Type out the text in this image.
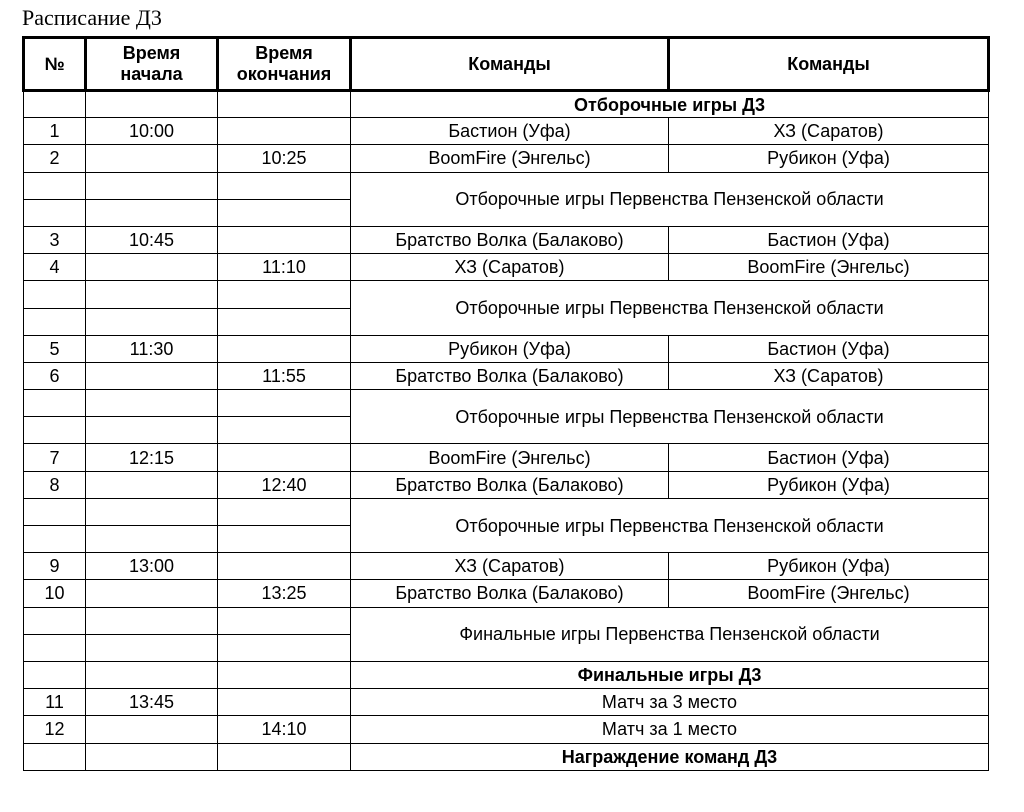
Расписание Д3
№	Время начала	Время окончания	Команды	Команды
			Отборочные игры Д3	
1	10:00		Бастион (Уфа)	ХЗ (Саратов)
2		10:25	BoomFire (Энгельс)	Рубикон (Уфа)
			Отборочные игры Первенства Пензенской области	

3	10:45		Братство Волка (Балаково)	Бастион (Уфа)
4		11:10	ХЗ (Саратов)	BoomFire (Энгельс)
			Отборочные игры Первенства Пензенской области	

5	11:30		Рубикон (Уфа)	Бастион (Уфа)
6		11:55	Братство Волка (Балаково)	ХЗ (Саратов)
			Отборочные игры Первенства Пензенской области	

7	12:15		BoomFire (Энгельс)	Бастион (Уфа)
8		12:40	Братство Волка (Балаково)	Рубикон (Уфа)
			Отборочные игры Первенства Пензенской области	

9	13:00		ХЗ (Саратов)	Рубикон (Уфа)
10		13:25	Братство Волка (Балаково)	BoomFire (Энгельс)
			Финальные игры Первенства Пензенской области	

			Финальные игры Д3	
11	13:45		Матч за 3 место	
12		14:10	Матч за 1 место	
			Награждение команд Д3	
